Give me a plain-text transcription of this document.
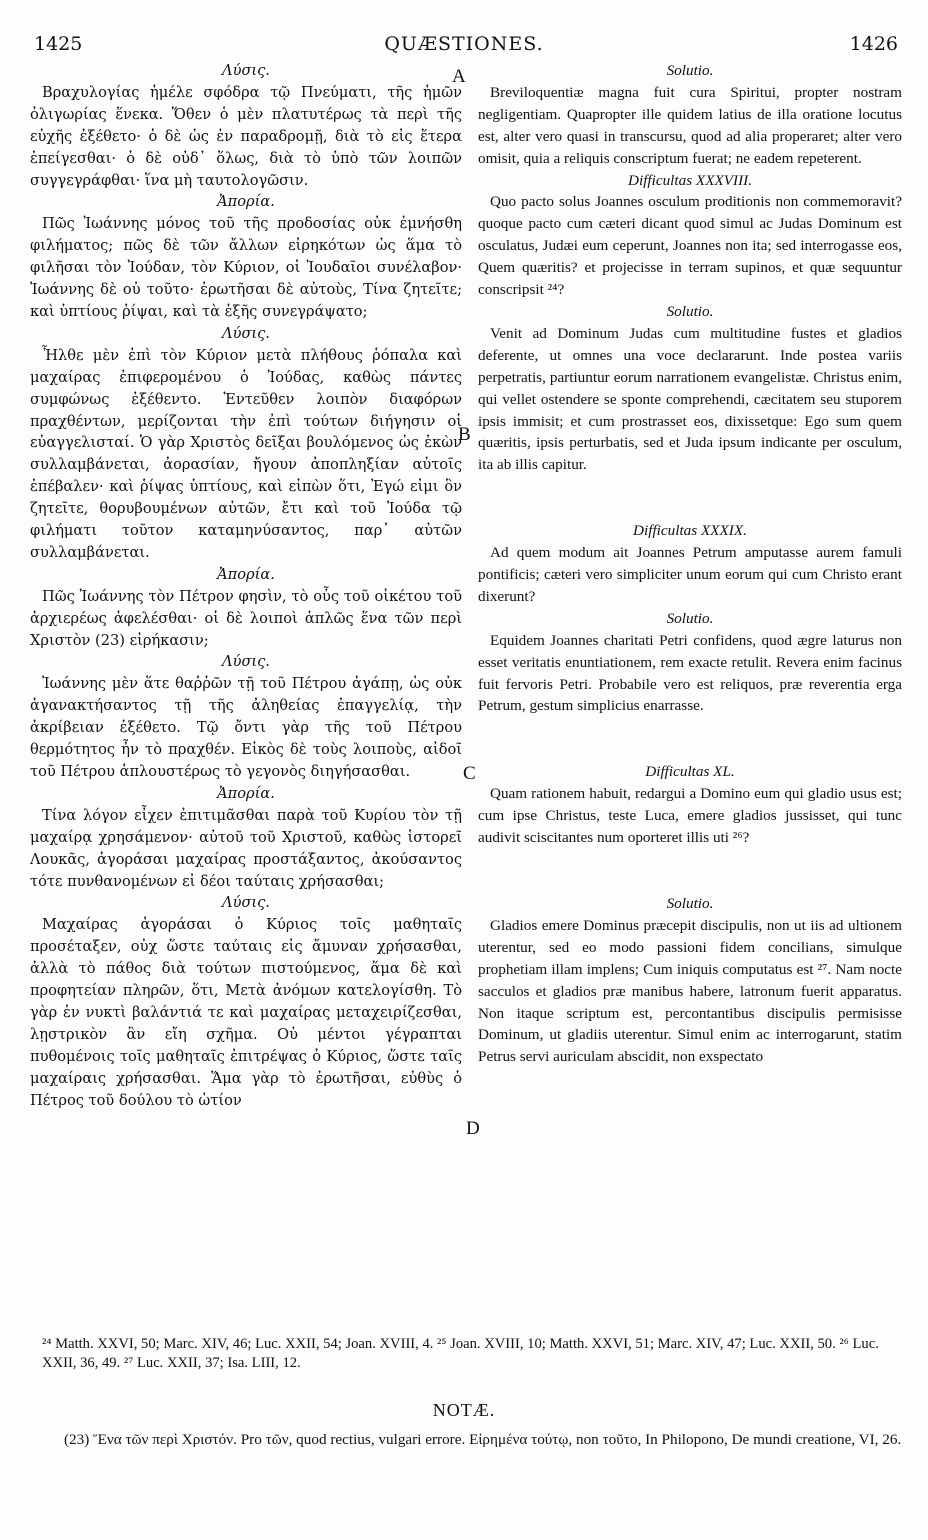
1425	QUÆSTIONES.	1426
A
B
C
D

Λύσις.

Βραχυλογίας ἡμέλε σφόδρα τῷ Πνεύματι, τῆς ἡμῶν ὀλιγωρίας ἕνεκα. Ὅθεν ὁ μὲν πλατυτέρως τὰ περὶ τῆς εὐχῆς ἐξέθετο· ὁ δὲ ὡς ἐν παραδρομῇ, διὰ τὸ εἰς ἕτερα ἐπείγεσθαι· ὁ δὲ οὐδ᾽ ὅλως, διὰ τὸ ὑπὸ τῶν λοιπῶν συγγεγράφθαι· ἵνα μὴ ταυτολογῶσιν.

Ἀπορία.

Πῶς Ἰωάννης μόνος τοῦ τῆς προδοσίας οὐκ ἐμνήσθη φιλήματος; πῶς δὲ τῶν ἄλλων εἰρηκότων ὡς ἅμα τὸ φιλῆσαι τὸν Ἰούδαν, τὸν Κύριον, οἱ Ἰουδαῖοι συνέλαβον· Ἰωάννης δὲ οὐ τοῦτο· ἐρωτῆσαι δὲ αὐτοὺς, Τίνα ζητεῖτε; καὶ ὑπτίους ῥίψαι, καὶ τὰ ἑξῆς συνεγράψατο;

Λύσις.

Ἦλθε μὲν ἐπὶ τὸν Κύριον μετὰ πλήθους ῥόπαλα καὶ μαχαίρας ἐπιφερομένου ὁ Ἰούδας, καθὼς πάντες συμφώνως ἐξέθεντο. Ἐντεῦθεν λοιπὸν διαφόρων πραχθέντων, μερίζονται τὴν ἐπὶ τούτων διήγησιν οἱ εὐαγγελισταί. Ὁ γὰρ Χριστὸς δεῖξαι βουλόμενος ὡς ἑκὼν συλλαμβάνεται, ἀορασίαν, ἤγουν ἀποπληξίαν αὐτοῖς ἐπέβαλεν· καὶ ῥίψας ὑπτίους, καὶ εἰπὼν ὅτι, Ἐγώ εἰμι ὃν ζητεῖτε, θορυβουμένων αὐτῶν, ἔτι καὶ τοῦ Ἰούδα τῷ φιλήματι τοῦτον καταμηνύσαντος, παρ᾽ αὐτῶν συλλαμβάνεται.

Ἀπορία.

Πῶς Ἰωάννης τὸν Πέτρον φησὶν, τὸ οὖς τοῦ οἰκέτου τοῦ ἀρχιερέως ἀφελέσθαι· οἱ δὲ λοιποὶ ἁπλῶς ἕνα τῶν περὶ Χριστὸν (23) εἰρήκασιν;

Λύσις.

Ἰωάννης μὲν ἅτε θαῤῥῶν τῇ τοῦ Πέτρου ἀγάπῃ, ὡς οὐκ ἀγανακτήσαντος τῇ τῆς ἀληθείας ἐπαγγελίᾳ, τὴν ἀκρίβειαν ἐξέθετο. Τῷ ὄντι γὰρ τῆς τοῦ Πέτρου θερμότητος ἦν τὸ πραχθέν. Εἰκὸς δὲ τοὺς λοιποὺς, αἰδοῖ τοῦ Πέτρου ἁπλουστέρως τὸ γεγονὸς διηγήσασθαι.

Ἀπορία.

Τίνα λόγον εἶχεν ἐπιτιμᾶσθαι παρὰ τοῦ Κυρίου τὸν τῇ μαχαίρᾳ χρησάμενον· αὐτοῦ τοῦ Χριστοῦ, καθὼς ἱστορεῖ Λουκᾶς, ἀγοράσαι μαχαίρας προστάξαντος, ἀκούσαντος τότε πυνθανομένων εἰ δέοι ταύταις χρήσασθαι;

Λύσις.

Μαχαίρας ἀγοράσαι ὁ Κύριος τοῖς μαθηταῖς προσέταξεν, οὐχ ὥστε ταύταις εἰς ἄμυναν χρήσασθαι, ἀλλὰ τὸ πάθος διὰ τούτων πιστούμενος, ἅμα δὲ καὶ προφητείαν πληρῶν, ὅτι, Μετὰ ἀνόμων κατελογίσθη. Τὸ γὰρ ἐν νυκτὶ βαλάντιά τε καὶ μαχαίρας μεταχειρίζεσθαι, λῃστρικὸν ἂν εἴη σχῆμα. Οὐ μέντοι γέγραπται πυθομένοις τοῖς μαθηταῖς ἐπιτρέψας ὁ Κύριος, ὥστε ταῖς μαχαίραις χρήσασθαι. Ἅμα γὰρ τὸ ἐρωτῆσαι, εὐθὺς ὁ Πέτρος τοῦ δούλου τὸ ὠτίον

Solutio.

Breviloquentiæ magna fuit cura Spiritui, propter nostram negligentiam. Quapropter ille quidem latius de illa oratione locutus est, alter vero quasi in transcursu, quod ad alia properaret; alter vero omisit, quia a reliquis conscriptum fuerat; ne eadem repeterent.

Difficultas XXXVIII.

Quo pacto solus Joannes osculum proditionis non commemoravit? quoque pacto cum cæteri dicant quod simul ac Judas Dominum est osculatus, Judæi eum ceperunt, Joannes non ita; sed interrogasse eos, Quem quæritis? et projecisse in terram supinos, et quæ sequuntur conscripsit ²⁴?

Solutio.

Venit ad Dominum Judas cum multitudine fustes et gladios deferente, ut omnes una voce declararunt. Inde postea variis perpetratis, partiuntur eorum narrationem evangelistæ. Christus enim, qui vellet ostendere se sponte comprehendi, cæcitatem seu stuporem ipsis immisit; et cum prostrasset eos, dixissetque: Ego sum quem quæritis, ipsis perturbatis, sed et Juda ipsum indicante per osculum, ita ab illis capitur.

Difficultas XXXIX.

Ad quem modum ait Joannes Petrum amputasse aurem famuli pontificis; cæteri vero simpliciter unum eorum qui cum Christo erant dixerunt?

Solutio.

Equidem Joannes charitati Petri confidens, quod ægre laturus non esset veritatis enuntiationem, rem exacte retulit. Revera enim facinus fuit fervoris Petri. Probabile vero est reliquos, præ reverentia erga Petrum, gestum simplicius enarrasse.

Difficultas XL.

Quam rationem habuit, redargui a Domino eum qui gladio usus est; cum ipse Christus, teste Luca, emere gladios jussisset, qui tunc audivit sciscitantes num oporteret illis uti ²⁶?

Solutio.

Gladios emere Dominus præcepit discipulis, non ut iis ad ultionem uterentur, sed eo modo passioni fidem concilians, simulque prophetiam illam implens; Cum iniquis computatus est ²⁷. Nam nocte sacculos et gladios præ manibus habere, latronum fuerit apparatus. Non itaque scriptum est, percontantibus discipulis permisisse Dominum, ut gladiis uterentur. Simul enim ac interrogarunt, statim Petrus servi auriculam abscidit, non exspectato

²⁴ Matth. XXVI, 50; Marc. XIV, 46; Luc. XXII, 54; Joan. XVIII, 4. ²⁵ Joan. XVIII, 10; Matth. XXVI, 51; Marc. XIV, 47; Luc. XXII, 50. ²⁶ Luc. XXII, 36, 49. ²⁷ Luc. XXII, 37; Isa. LIII, 12.
NOTÆ.
(23) Ἕνα τῶν περὶ Χριστόν. Pro τῶν, quod rectius, vulgari errore. Εἰρημένα τούτῳ, non τοῦτο, In Philopono, De mundi creatione, VI, 26.
